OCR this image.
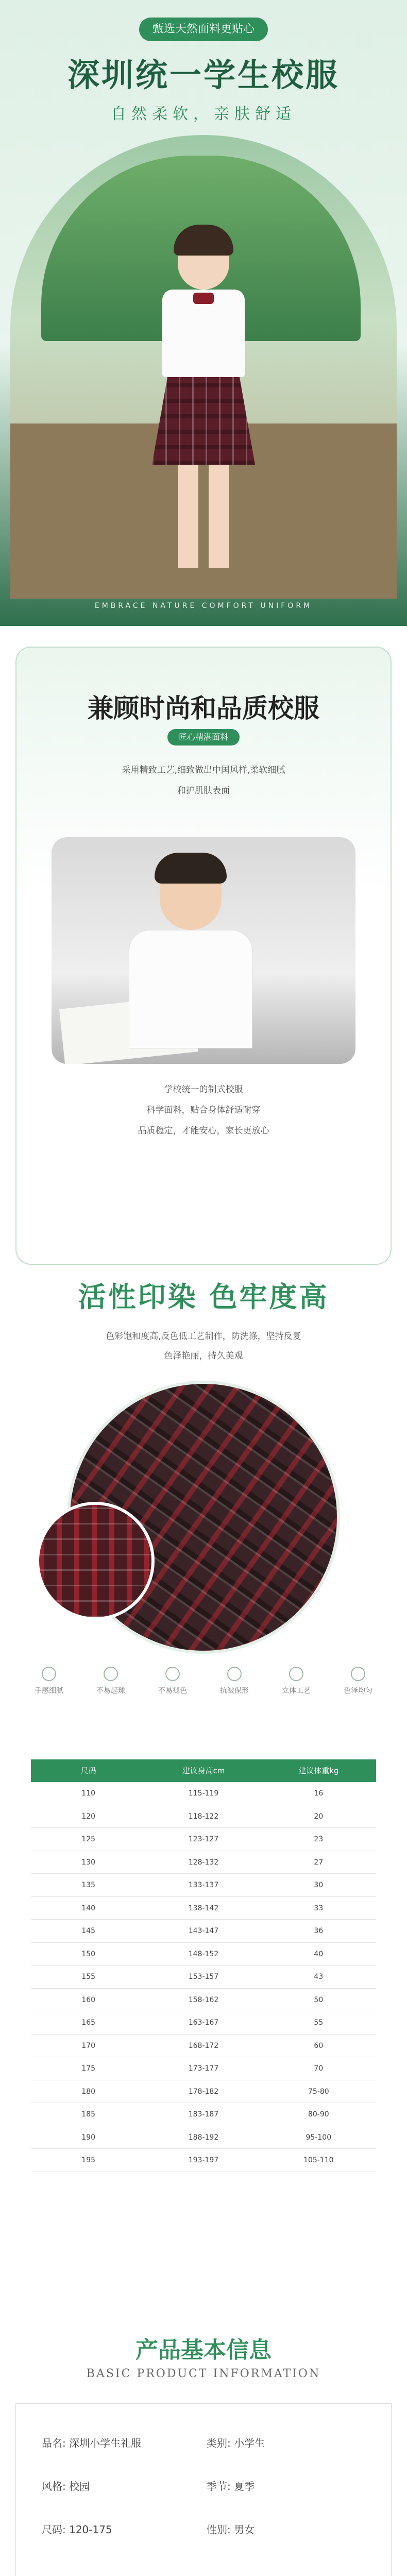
甄选天然面料更贴心
深圳统一学生校服
自然柔软，亲肤舒适
EMBRACE NATURE COMFORT UNIFORM
兼顾时尚和品质校服
匠心精湛面料
采用精致工艺,细致做出中国风样,柔软细腻
和护肌肤表面
学校统一的制式校服
科学面料，贴合身体舒适耐穿
品质稳定，才能安心，家长更放心
活性印染 色牢度高
色彩饱和度高,反色低工艺制作，防洗涤，坚持反复
色泽艳丽，持久美观
手感细腻	不易起球	不易褪色	抗皱保形	立体工艺	色泽均匀
尺码	建议身高cm	建议体重kg
110	115-119	16
120	118-122	20
125	123-127	23
130	128-132	27
135	133-137	30
140	138-142	33
145	143-147	36
150	148-152	40
155	153-157	43
160	158-162	50
165	163-167	55
170	168-172	60
175	173-177	70
180	178-182	75-80
185	183-187	80-90
190	188-192	95-100
195	193-197	105-110
产品基本信息
BASIC PRODUCT INFORMATION
品名: 深圳小学生礼服	类别: 小学生
风格: 校园	季节: 夏季
尺码: 120-175	性别: 男女
